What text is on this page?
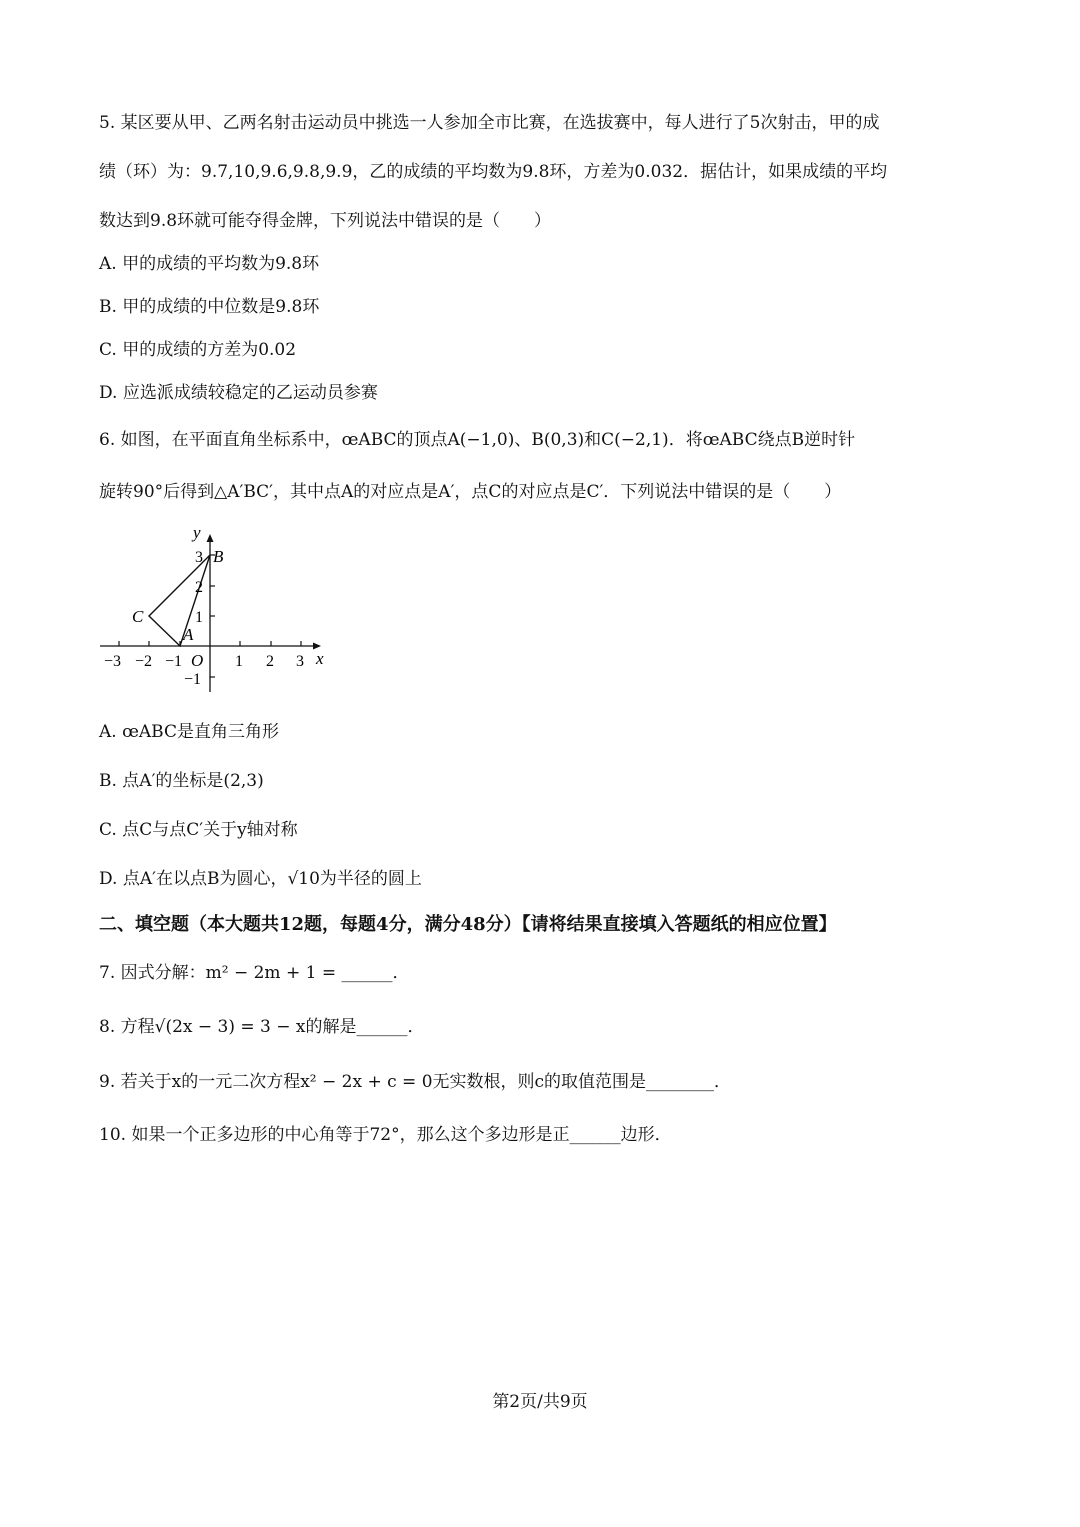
5. 某区要从甲、乙两名射击运动员中挑选一人参加全市比赛，在选拔赛中，每人进行了5次射击，甲的成
绩（环）为：9.7,10,9.6,9.8,9.9，乙的成绩的平均数为9.8环，方差为0.032．据估计，如果成绩的平均
数达到9.8环就可能夺得金牌，下列说法中错误的是（　　）
A. 甲的成绩的平均数为9.8环
B. 甲的成绩的中位数是9.8环
C. 甲的成绩的方差为0.02
D. 应选派成绩较稳定的乙运动员参赛
6. 如图，在平面直角坐标系中，œABC的顶点A(−1,0)、B(0,3)和C(−2,1)．将œABC绕点B逆时针
旋转90°后得到△A′BC′，其中点A的对应点是A′，点C的对应点是C′．下列说法中错误的是（　　）
y
x
O
−3 −2 −1	1 2 3
3
2
1
−1
A
B
C
A. œABC是直角三角形
B. 点A′的坐标是(2,3)
C. 点C与点C′关于y轴对称
D. 点A′在以点B为圆心，√10为半径的圆上
二、填空题（本大题共12题，每题4分，满分48分）【请将结果直接填入答题纸的相应位置】
7. 因式分解：m² − 2m + 1 = ______．
8. 方程√(2x − 3) = 3 − x的解是______．
9. 若关于x的一元二次方程x² − 2x + c = 0无实数根，则c的取值范围是________．
10. 如果一个正多边形的中心角等于72°，那么这个多边形是正______边形．
第2页/共9页
